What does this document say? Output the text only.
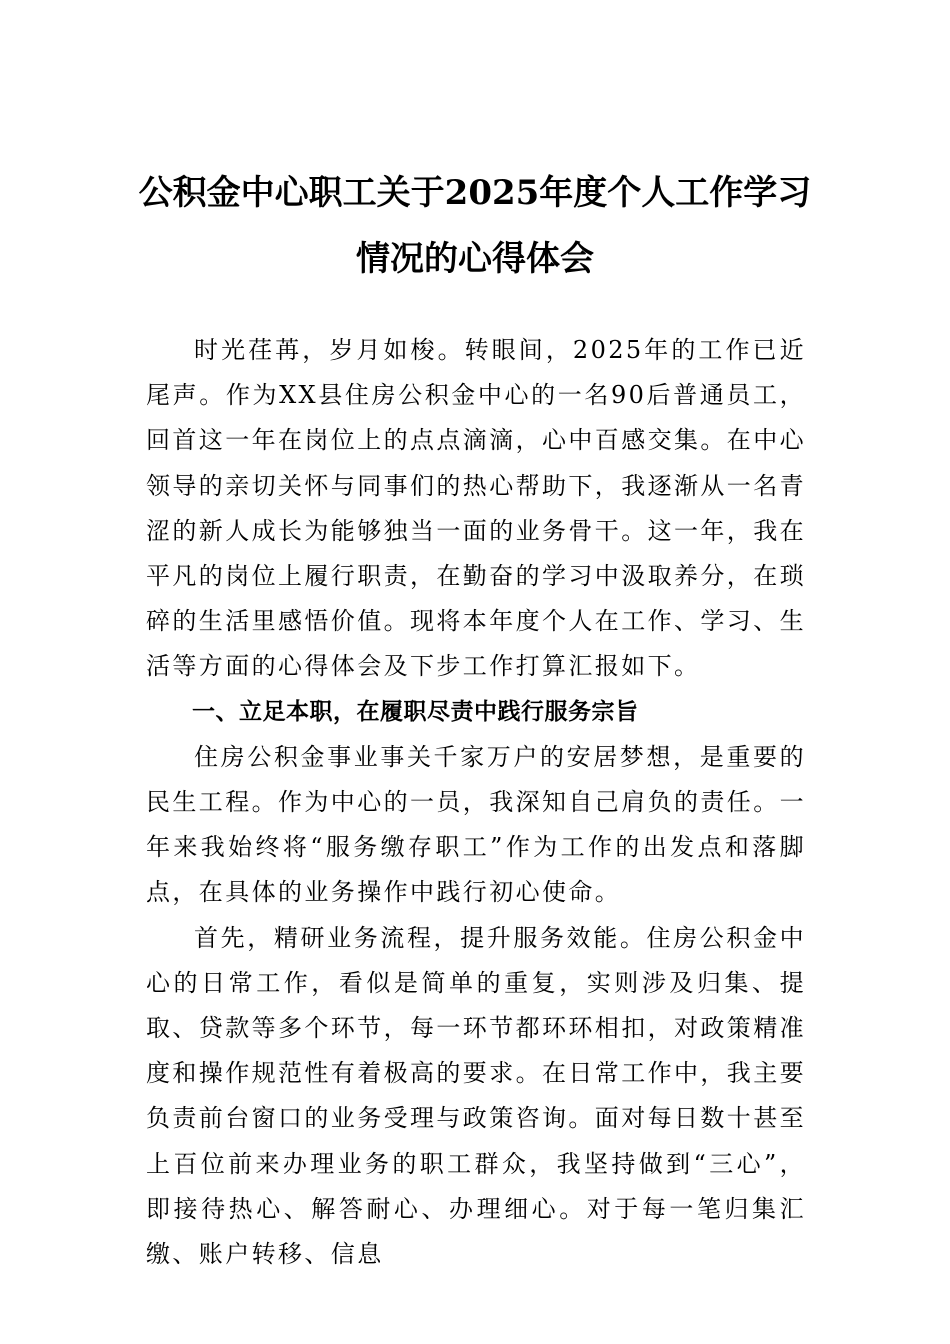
公积金中心职工关于2025年度个人工作学习情况的心得体会

时光荏苒，岁月如梭。转眼间，2025年的工作已近尾声。作为XX县住房公积金中心的一名90后普通员工，回首这一年在岗位上的点点滴滴，心中百感交集。在中心领导的亲切关怀与同事们的热心帮助下，我逐渐从一名青涩的新人成长为能够独当一面的业务骨干。这一年，我在平凡的岗位上履行职责，在勤奋的学习中汲取养分，在琐碎的生活里感悟价值。现将本年度个人在工作、学习、生活等方面的心得体会及下步工作打算汇报如下。

一、立足本职，在履职尽责中践行服务宗旨

住房公积金事业事关千家万户的安居梦想，是重要的民生工程。作为中心的一员，我深知自己肩负的责任。一年来我始终将“服务缴存职工”作为工作的出发点和落脚点，在具体的业务操作中践行初心使命。

首先，精研业务流程，提升服务效能。住房公积金中心的日常工作，看似是简单的重复，实则涉及归集、提取、贷款等多个环节，每一环节都环环相扣，对政策精准度和操作规范性有着极高的要求。在日常工作中，我主要负责前台窗口的业务受理与政策咨询。面对每日数十甚至上百位前来办理业务的职工群众，我坚持做到“三心”，即接待热心、解答耐心、办理细心。对于每一笔归集汇缴、账户转移、信息
